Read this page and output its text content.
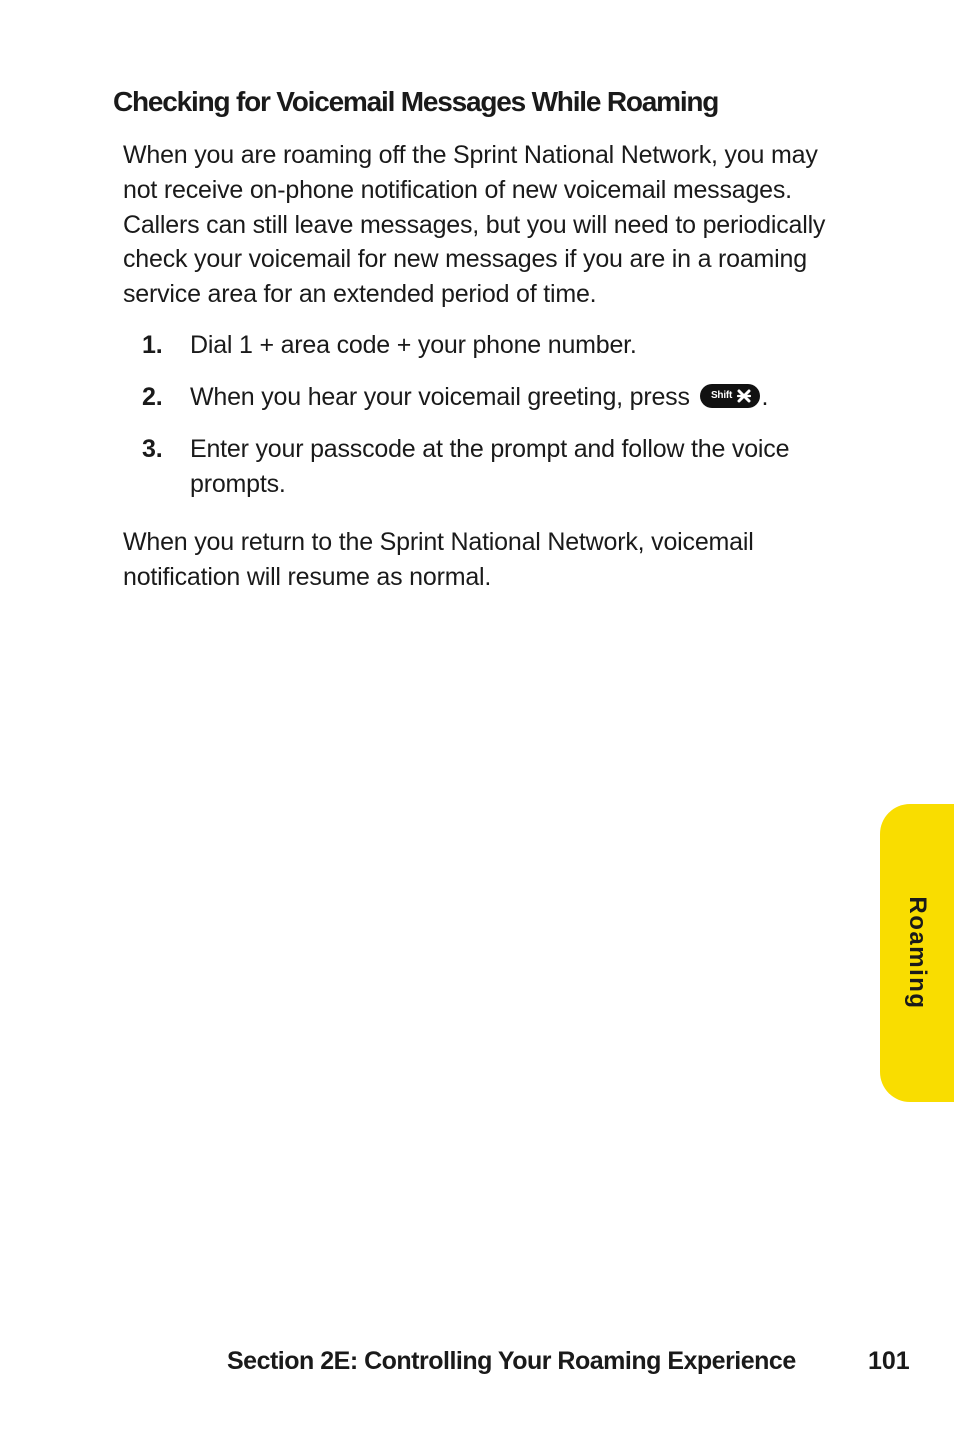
Checking for Voicemail Messages While Roaming

When you are roaming off the Sprint National Network, you may not receive on-phone notification of new voicemail messages. Callers can still leave messages, but you will need to periodically check your voicemail for new messages if you are in a roaming service area for an extended period of time.

1. Dial 1 + area code + your phone number.
2. When you hear your voicemail greeting, press Shift .
3. Enter your passcode at the prompt and follow the voice prompts.

When you return to the Sprint National Network, voicemail notification will resume as normal.

Roaming
Section 2E: Controlling Your Roaming Experience	101
